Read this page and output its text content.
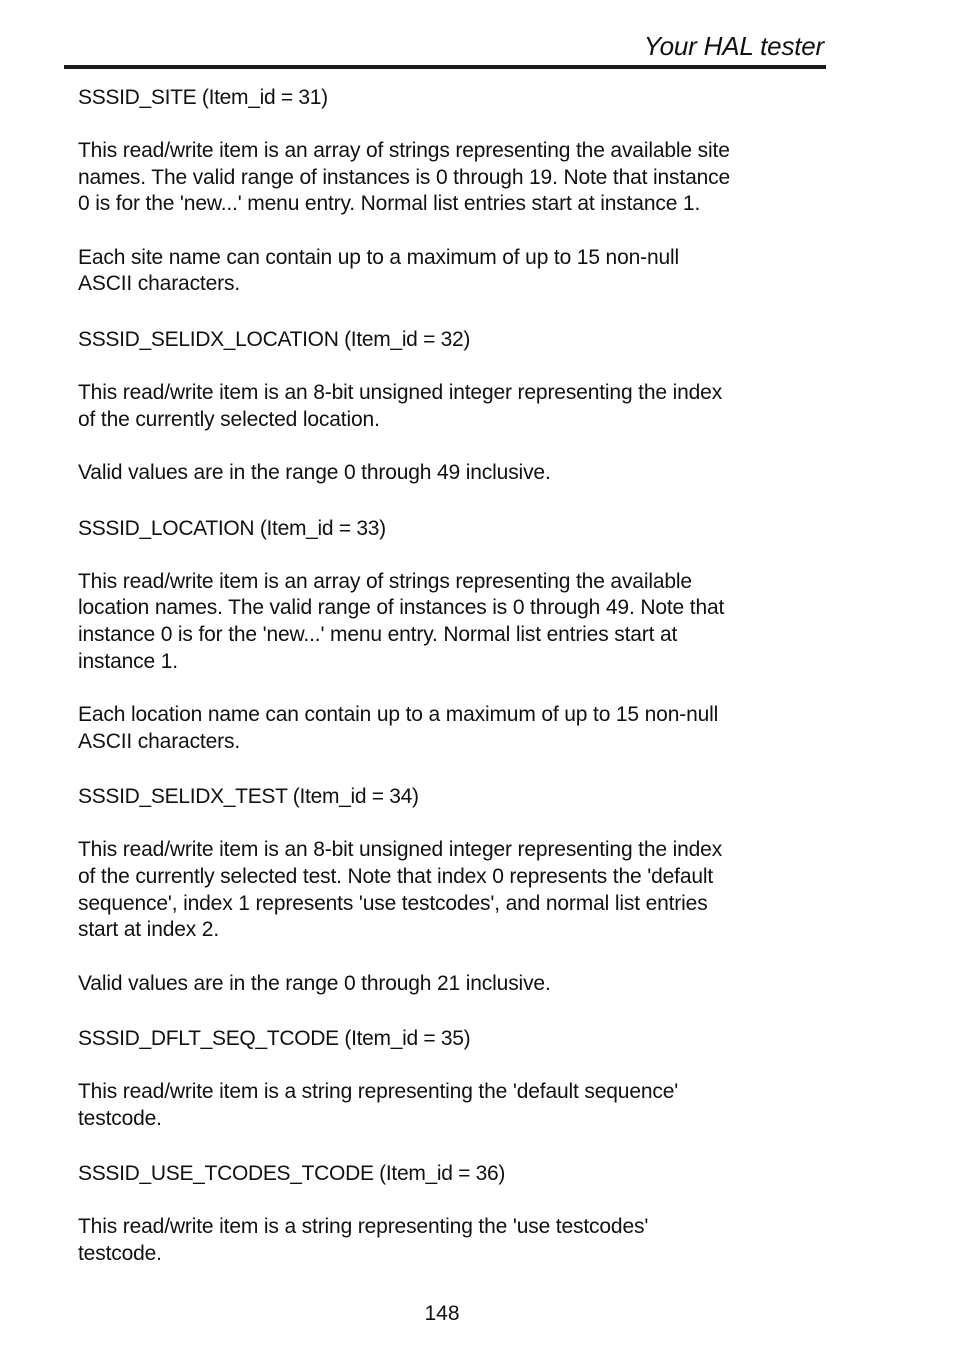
Your HAL tester
SSSID_SITE (Item_id = 31)
This read/write item is an array of strings representing the available site
names. The valid range of instances is 0 through 19. Note that instance
0 is for the 'new...' menu entry. Normal list entries start at instance 1.
Each site name can contain up to a maximum of up to 15 non-null
ASCII characters.
SSSID_SELIDX_LOCATION (Item_id = 32)
This read/write item is an 8-bit unsigned integer representing the index
of the currently selected location.
Valid values are in the range 0 through 49 inclusive.
SSSID_LOCATION (Item_id = 33)
This read/write item is an array of strings representing the available
location names. The valid range of instances is 0 through 49. Note that
instance 0 is for the 'new...' menu entry. Normal list entries start at
instance 1.
Each location name can contain up to a maximum of up to 15 non-null
ASCII characters.
SSSID_SELIDX_TEST (Item_id = 34)
This read/write item is an 8-bit unsigned integer representing the index
of the currently selected test. Note that index 0 represents the 'default
sequence', index 1 represents 'use testcodes', and normal list entries
start at index 2.
Valid values are in the range 0 through 21 inclusive.
SSSID_DFLT_SEQ_TCODE (Item_id = 35)
This read/write item is a string representing the 'default sequence'
testcode.
SSSID_USE_TCODES_TCODE (Item_id = 36)
This read/write item is a string representing the 'use testcodes'
testcode.
148
